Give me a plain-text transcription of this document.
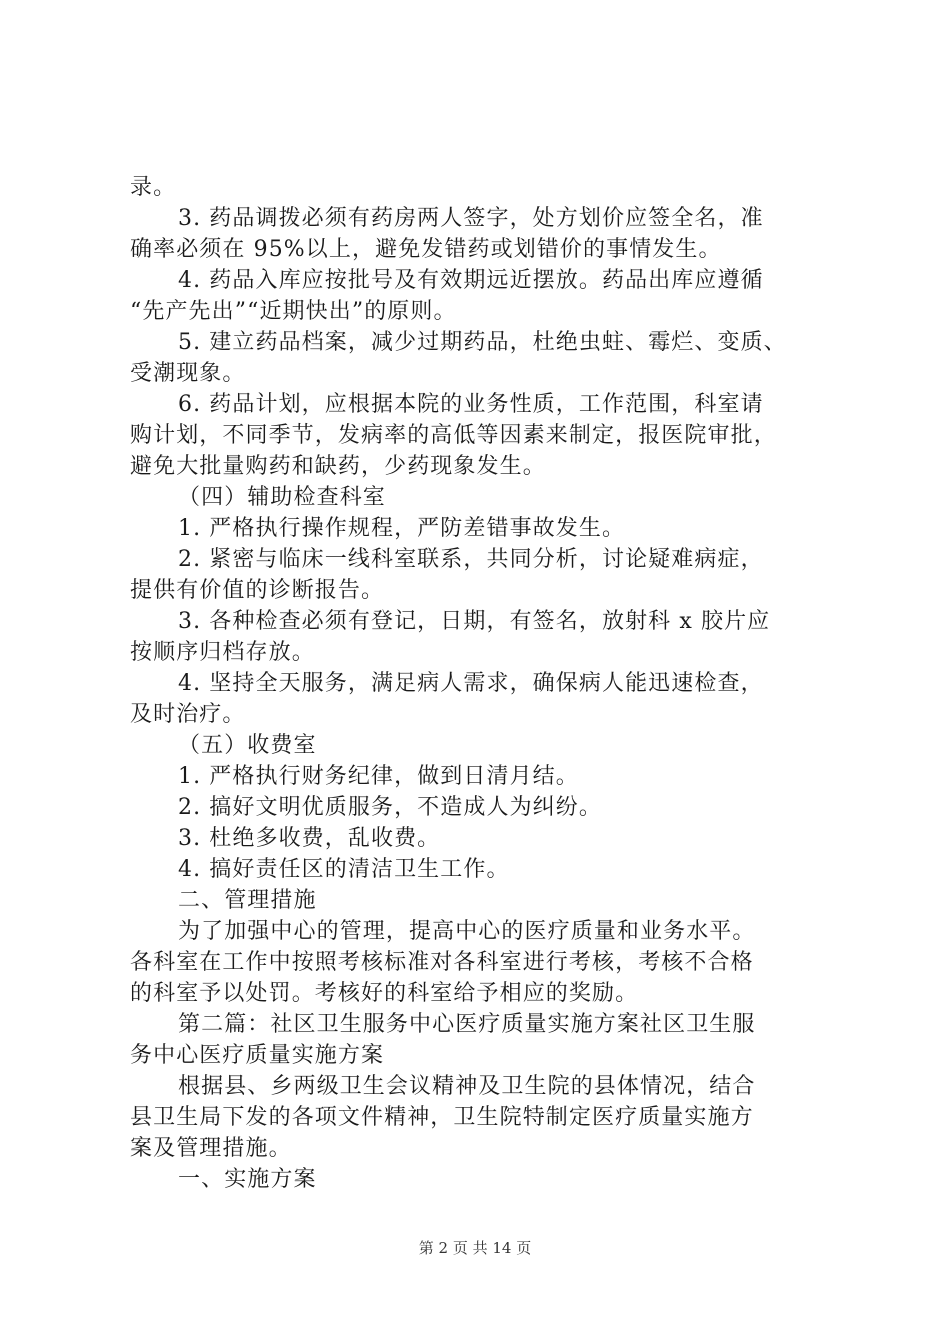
录。
3. 药品调拨必须有药房两人签字，处方划价应签全名，准
确率必须在 95%以上，避免发错药或划错价的事情发生。
4. 药品入库应按批号及有效期远近摆放。药品出库应遵循
“先产先出”“近期快出”的原则。
5. 建立药品档案，减少过期药品，杜绝虫蛀、霉烂、变质、
受潮现象。
6. 药品计划，应根据本院的业务性质，工作范围，科室请
购计划，不同季节，发病率的高低等因素来制定，报医院审批，
避免大批量购药和缺药，少药现象发生。
（四）辅助检查科室
1. 严格执行操作规程，严防差错事故发生。
2. 紧密与临床一线科室联系，共同分析，讨论疑难病症，
提供有价值的诊断报告。
3. 各种检查必须有登记，日期，有签名，放射科 x 胶片应
按顺序归档存放。
4. 坚持全天服务，满足病人需求，确保病人能迅速检查，
及时治疗。
（五）收费室
1. 严格执行财务纪律，做到日清月结。
2. 搞好文明优质服务，不造成人为纠纷。
3. 杜绝多收费，乱收费。
4. 搞好责任区的清洁卫生工作。
二、管理措施
为了加强中心的管理，提高中心的医疗质量和业务水平。
各科室在工作中按照考核标准对各科室进行考核，考核不合格
的科室予以处罚。考核好的科室给予相应的奖励。
第二篇：社区卫生服务中心医疗质量实施方案社区卫生服
务中心医疗质量实施方案
根据县、乡两级卫生会议精神及卫生院的县体情况，结合
县卫生局下发的各项文件精神，卫生院特制定医疗质量实施方
案及管理措施。
一、实施方案
第 2 页 共 14 页
